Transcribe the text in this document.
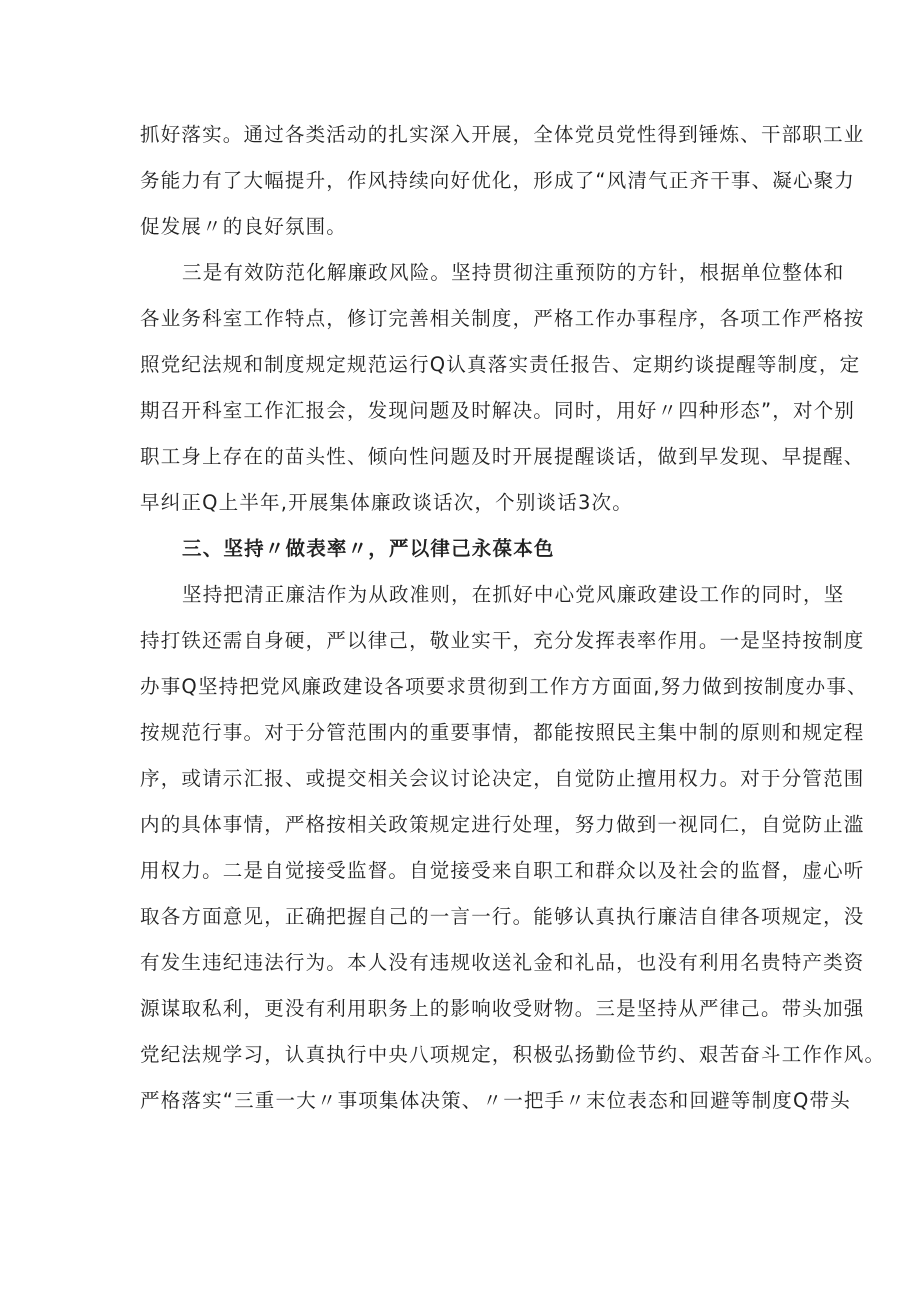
抓好落实。通过各类活动的扎实深入开展，全体党员党性得到锤炼、干部职工业
务能力有了大幅提升，作风持续向好优化，形成了“风清气正齐干事、凝心聚力
促发展〃的良好氛围。
三是有效防范化解廉政风险。坚持贯彻注重预防的方针，根据单位整体和
各业务科室工作特点，修订完善相关制度，严格工作办事程序，各项工作严格按
照党纪法规和制度规定规范运行Q认真落实责任报告、定期约谈提醒等制度，定
期召开科室工作汇报会，发现问题及时解决。同时，用好〃四种形态”，对个别
职工身上存在的苗头性、倾向性问题及时开展提醒谈话，做到早发现、早提醒、
早纠正Q上半年,开展集体廉政谈话次，个别谈话3次。
三、坚持〃做表率〃，严以律己永葆本色
坚持把清正廉洁作为从政准则，在抓好中心党风廉政建设工作的同时，坚
持打铁还需自身硬，严以律己，敬业实干，充分发挥表率作用。一是坚持按制度
办事Q坚持把党风廉政建设各项要求贯彻到工作方方面面,努力做到按制度办事、
按规范行事。对于分管范围内的重要事情，都能按照民主集中制的原则和规定程
序，或请示汇报、或提交相关会议讨论决定，自觉防止擅用权力。对于分管范围
内的具体事情，严格按相关政策规定进行处理，努力做到一视同仁，自觉防止滥
用权力。二是自觉接受监督。自觉接受来自职工和群众以及社会的监督，虚心听
取各方面意见，正确把握自己的一言一行。能够认真执行廉洁自律各项规定，没
有发生违纪违法行为。本人没有违规收送礼金和礼品，也没有利用名贵特产类资
源谋取私利，更没有利用职务上的影响收受财物。三是坚持从严律己。带头加强
党纪法规学习，认真执行中央八项规定，积极弘扬勤俭节约、艰苦奋斗工作作风。
严格落实“三重一大〃事项集体决策、〃一把手〃末位表态和回避等制度Q带头
